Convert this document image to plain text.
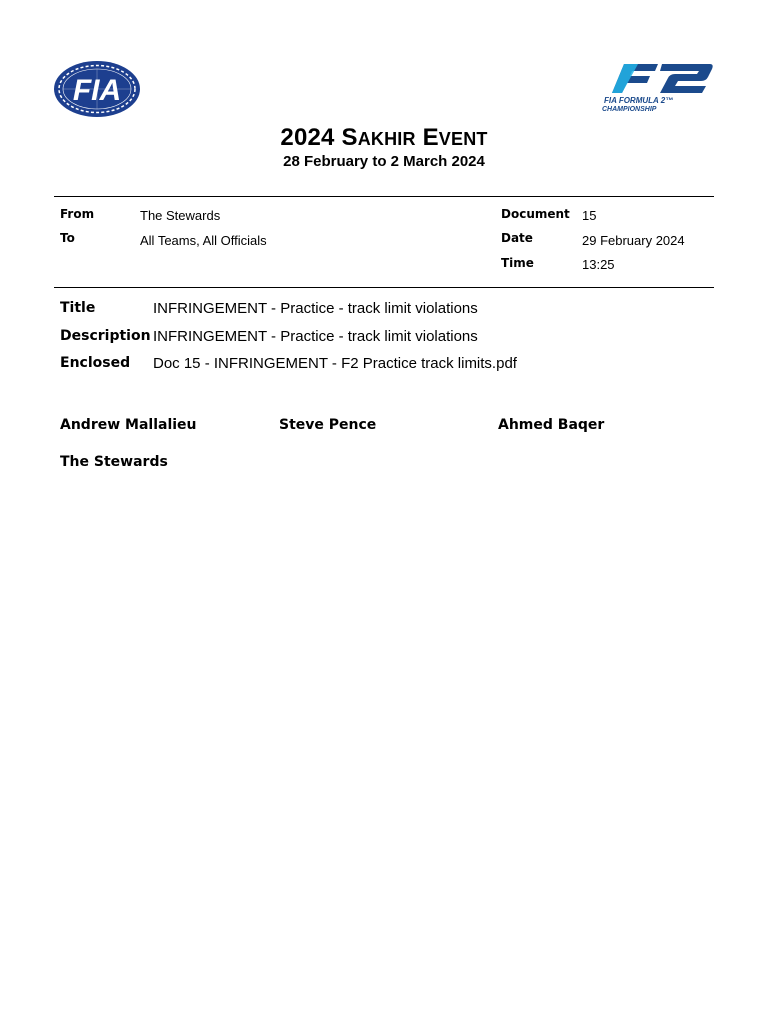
FIA	FIA FORMULA 2™
CHAMPIONSHIP
2024 SAKHIR EVENT
28 February to 2 March 2024
From	The Stewards
To	All Teams, All Officials
Document 15
Date	29 February 2024
Time	13:25
Title	INFRINGEMENT - Practice - track limit violations
Description INFRINGEMENT - Practice - track limit violations
Enclosed Doc 15 - INFRINGEMENT - F2 Practice track limits.pdf
Andrew Mallalieu	Steve Pence	Ahmed Baqer
The Stewards
